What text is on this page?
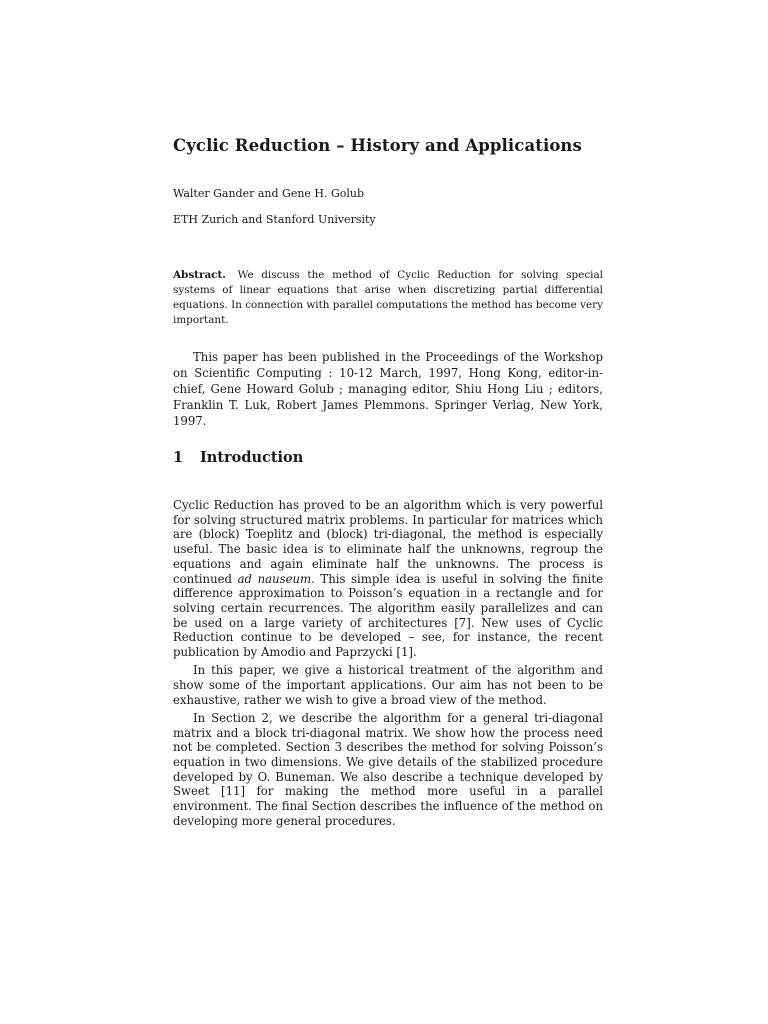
Cyclic Reduction – History and Applications
Walter Gander and Gene H. Golub
ETH Zurich and Stanford University
Abstract. We discuss the method of Cyclic Reduction for solving special systems of linear equations that arise when discretizing partial differential equations. In connection with parallel computations the method has become very important.
This paper has been published in the Proceedings of the Workshop on Scientific Computing : 10-12 March, 1997, Hong Kong, editor-in-chief, Gene Howard Golub ; managing editor, Shiu Hong Liu ; editors, Franklin T. Luk, Robert James Plemmons. Springer Verlag, New York, 1997.
1 Introduction

Cyclic Reduction has proved to be an algorithm which is very powerful for solving structured matrix problems. In particular for matrices which are (block) Toeplitz and (block) tri-diagonal, the method is especially useful. The basic idea is to eliminate half the unknowns, regroup the equations and again eliminate half the unknowns. The process is continued ad nauseum. This simple idea is useful in solving the finite difference approximation to Poisson’s equation in a rectangle and for solving certain recurrences. The algorithm easily parallelizes and can be used on a large variety of architectures [7]. New uses of Cyclic Reduction continue to be developed – see, for instance, the recent publication by Amodio and Paprzycki [1].

In this paper, we give a historical treatment of the algorithm and show some of the important applications. Our aim has not been to be exhaustive, rather we wish to give a broad view of the method.

In Section 2, we describe the algorithm for a general tri-diagonal matrix and a block tri-diagonal matrix. We show how the process need not be completed. Section 3 describes the method for solving Poisson’s equation in two dimensions. We give details of the stabilized procedure developed by O. Buneman. We also describe a technique developed by Sweet [11] for making the method more useful in a parallel environment. The final Section describes the influence of the method on developing more general procedures.
